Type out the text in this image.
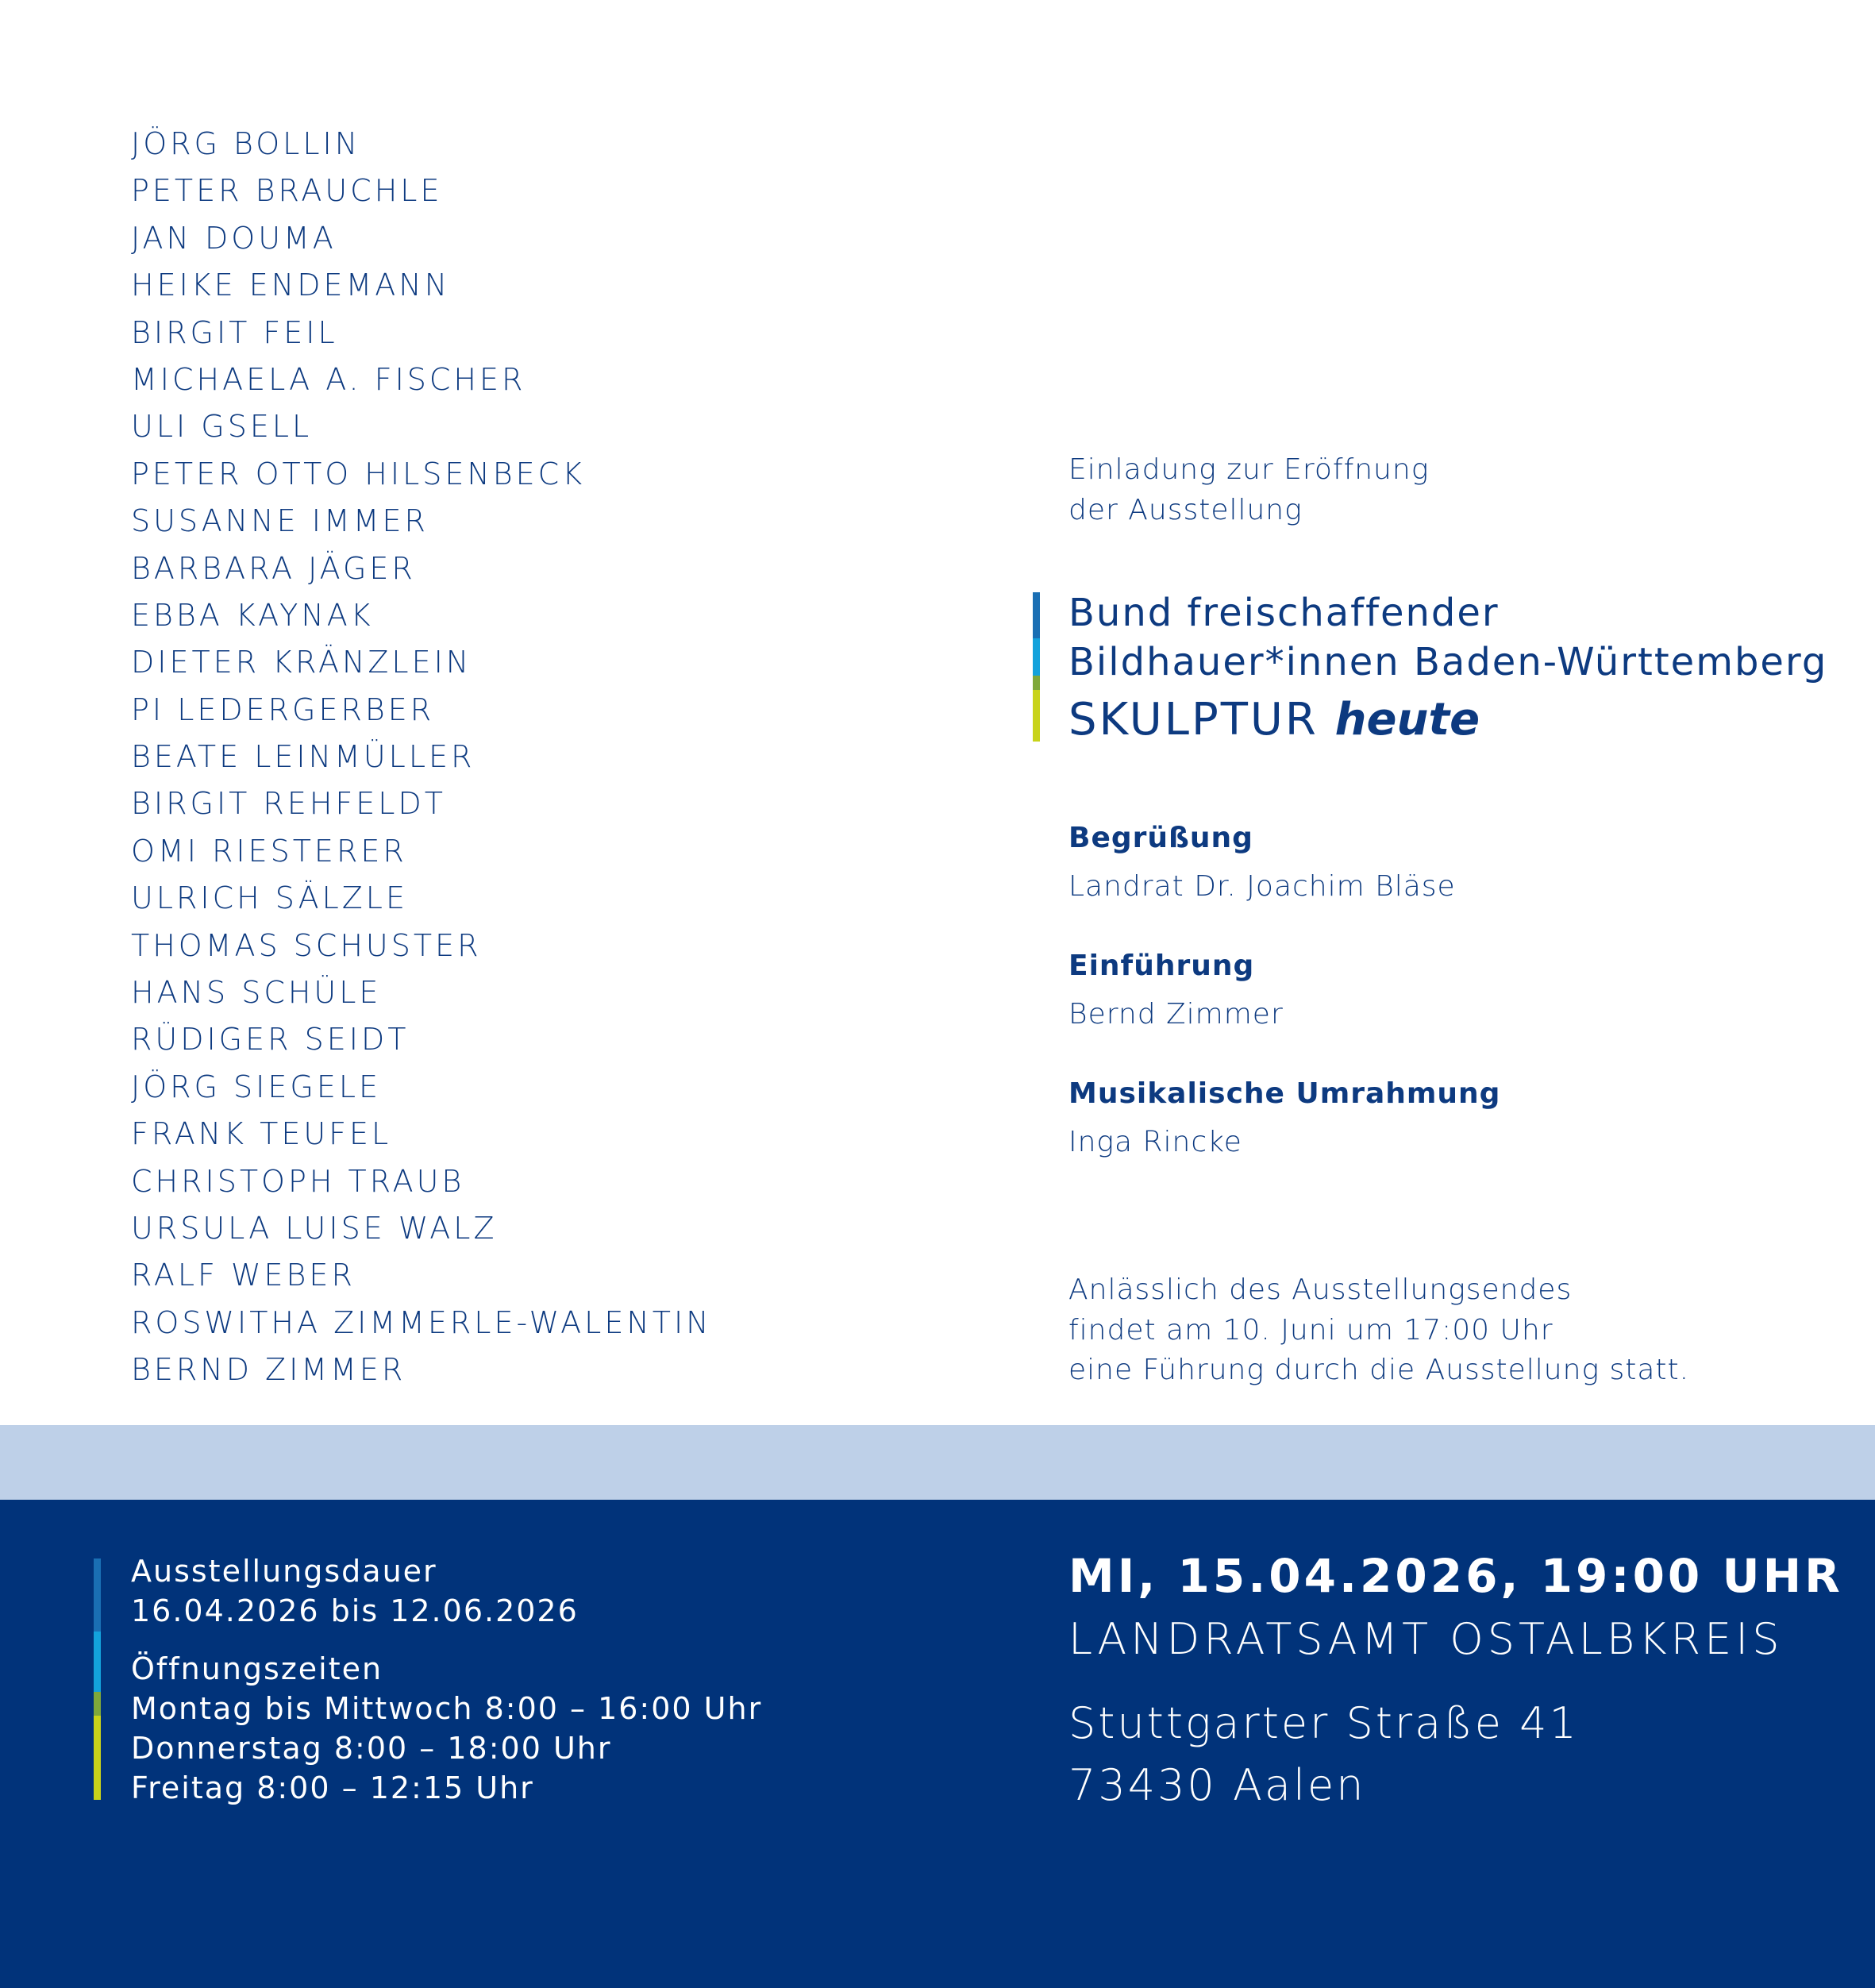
JÖRG BOLLIN
PETER BRAUCHLE
JAN DOUMA
HEIKE ENDEMANN
BIRGIT FEIL
MICHAELA A. FISCHER
ULI GSELL
PETER OTTO HILSENBECK
SUSANNE IMMER
BARBARA JÄGER
EBBA KAYNAK
DIETER KRÄNZLEIN
PI LEDERGERBER
BEATE LEINMÜLLER
BIRGIT REHFELDT
OMI RIESTERER
ULRICH SÄLZLE
THOMAS SCHUSTER
HANS SCHÜLE
RÜDIGER SEIDT
JÖRG SIEGELE
FRANK TEUFEL
CHRISTOPH TRAUB
URSULA LUISE WALZ
RALF WEBER
ROSWITHA ZIMMERLE-WALENTIN
BERND ZIMMER
Einladung zur Eröffnung
der Ausstellung
Bund freischaffender
Bildhauer*innen Baden-Württemberg
SKULPTUR heute
Begrüßung
Landrat Dr. Joachim Bläse
Einführung
Bernd Zimmer
Musikalische Umrahmung
Inga Rincke
Anlässlich des Ausstellungsendes
findet am 10. Juni um 17:00 Uhr
eine Führung durch die Ausstellung statt.
Ausstellungsdauer
16.04.2026 bis 12.06.2026
Öffnungszeiten
Montag bis Mittwoch 8:00 – 16:00 Uhr
Donnerstag 8:00 – 18:00 Uhr
Freitag 8:00 – 12:15 Uhr
MI, 15.04.2026, 19:00 UHR
LANDRATSAMT OSTALBKREIS
Stuttgarter Straße 41
73430 Aalen
